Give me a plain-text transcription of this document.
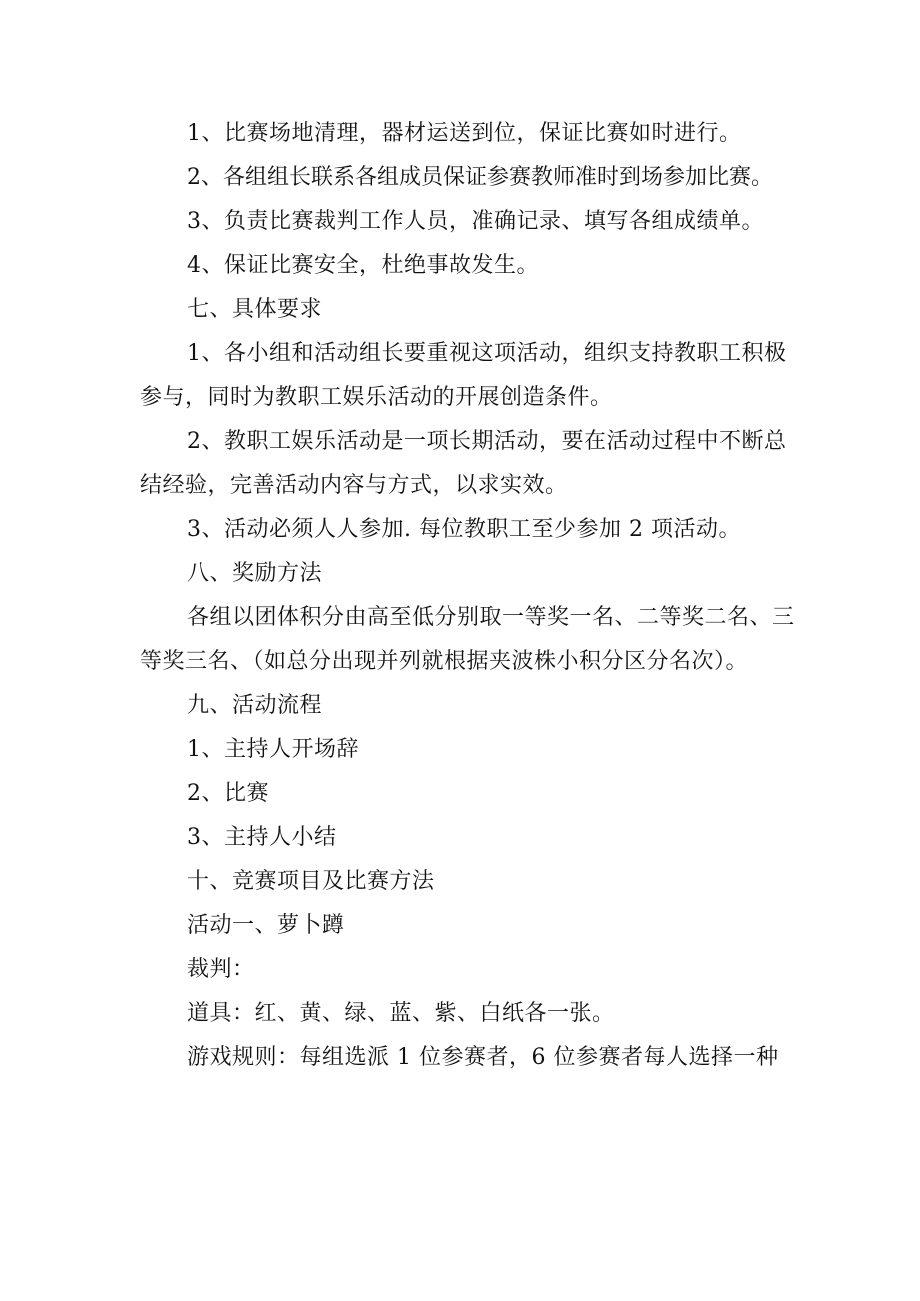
1、比赛场地清理，器材运送到位，保证比赛如时进行。

2、各组组长联系各组成员保证参赛教师准时到场参加比赛。

3、负责比赛裁判工作人员，准确记录、填写各组成绩单。

4、保证比赛安全，杜绝事故发生。

七、具体要求

1、各小组和活动组长要重视这项活动，组织支持教职工积极参与，同时为教职工娱乐活动的开展创造条件。

2、教职工娱乐活动是一项长期活动，要在活动过程中不断总结经验，完善活动内容与方式，以求实效。

3、活动必须人人参加. 每位教职工至少参加 2 项活动。

八、奖励方法

各组以团体积分由高至低分别取一等奖一名、二等奖二名、三等奖三名、（如总分出现并列就根据夹波株小积分区分名次）。

九、活动流程

1、主持人开场辞

2、比赛

3、主持人小结

十、竞赛项目及比赛方法

活动一、萝卜蹲

裁判：

道具：红、黄、绿、蓝、紫、白纸各一张。

游戏规则：每组选派 1 位参赛者，6 位参赛者每人选择一种
